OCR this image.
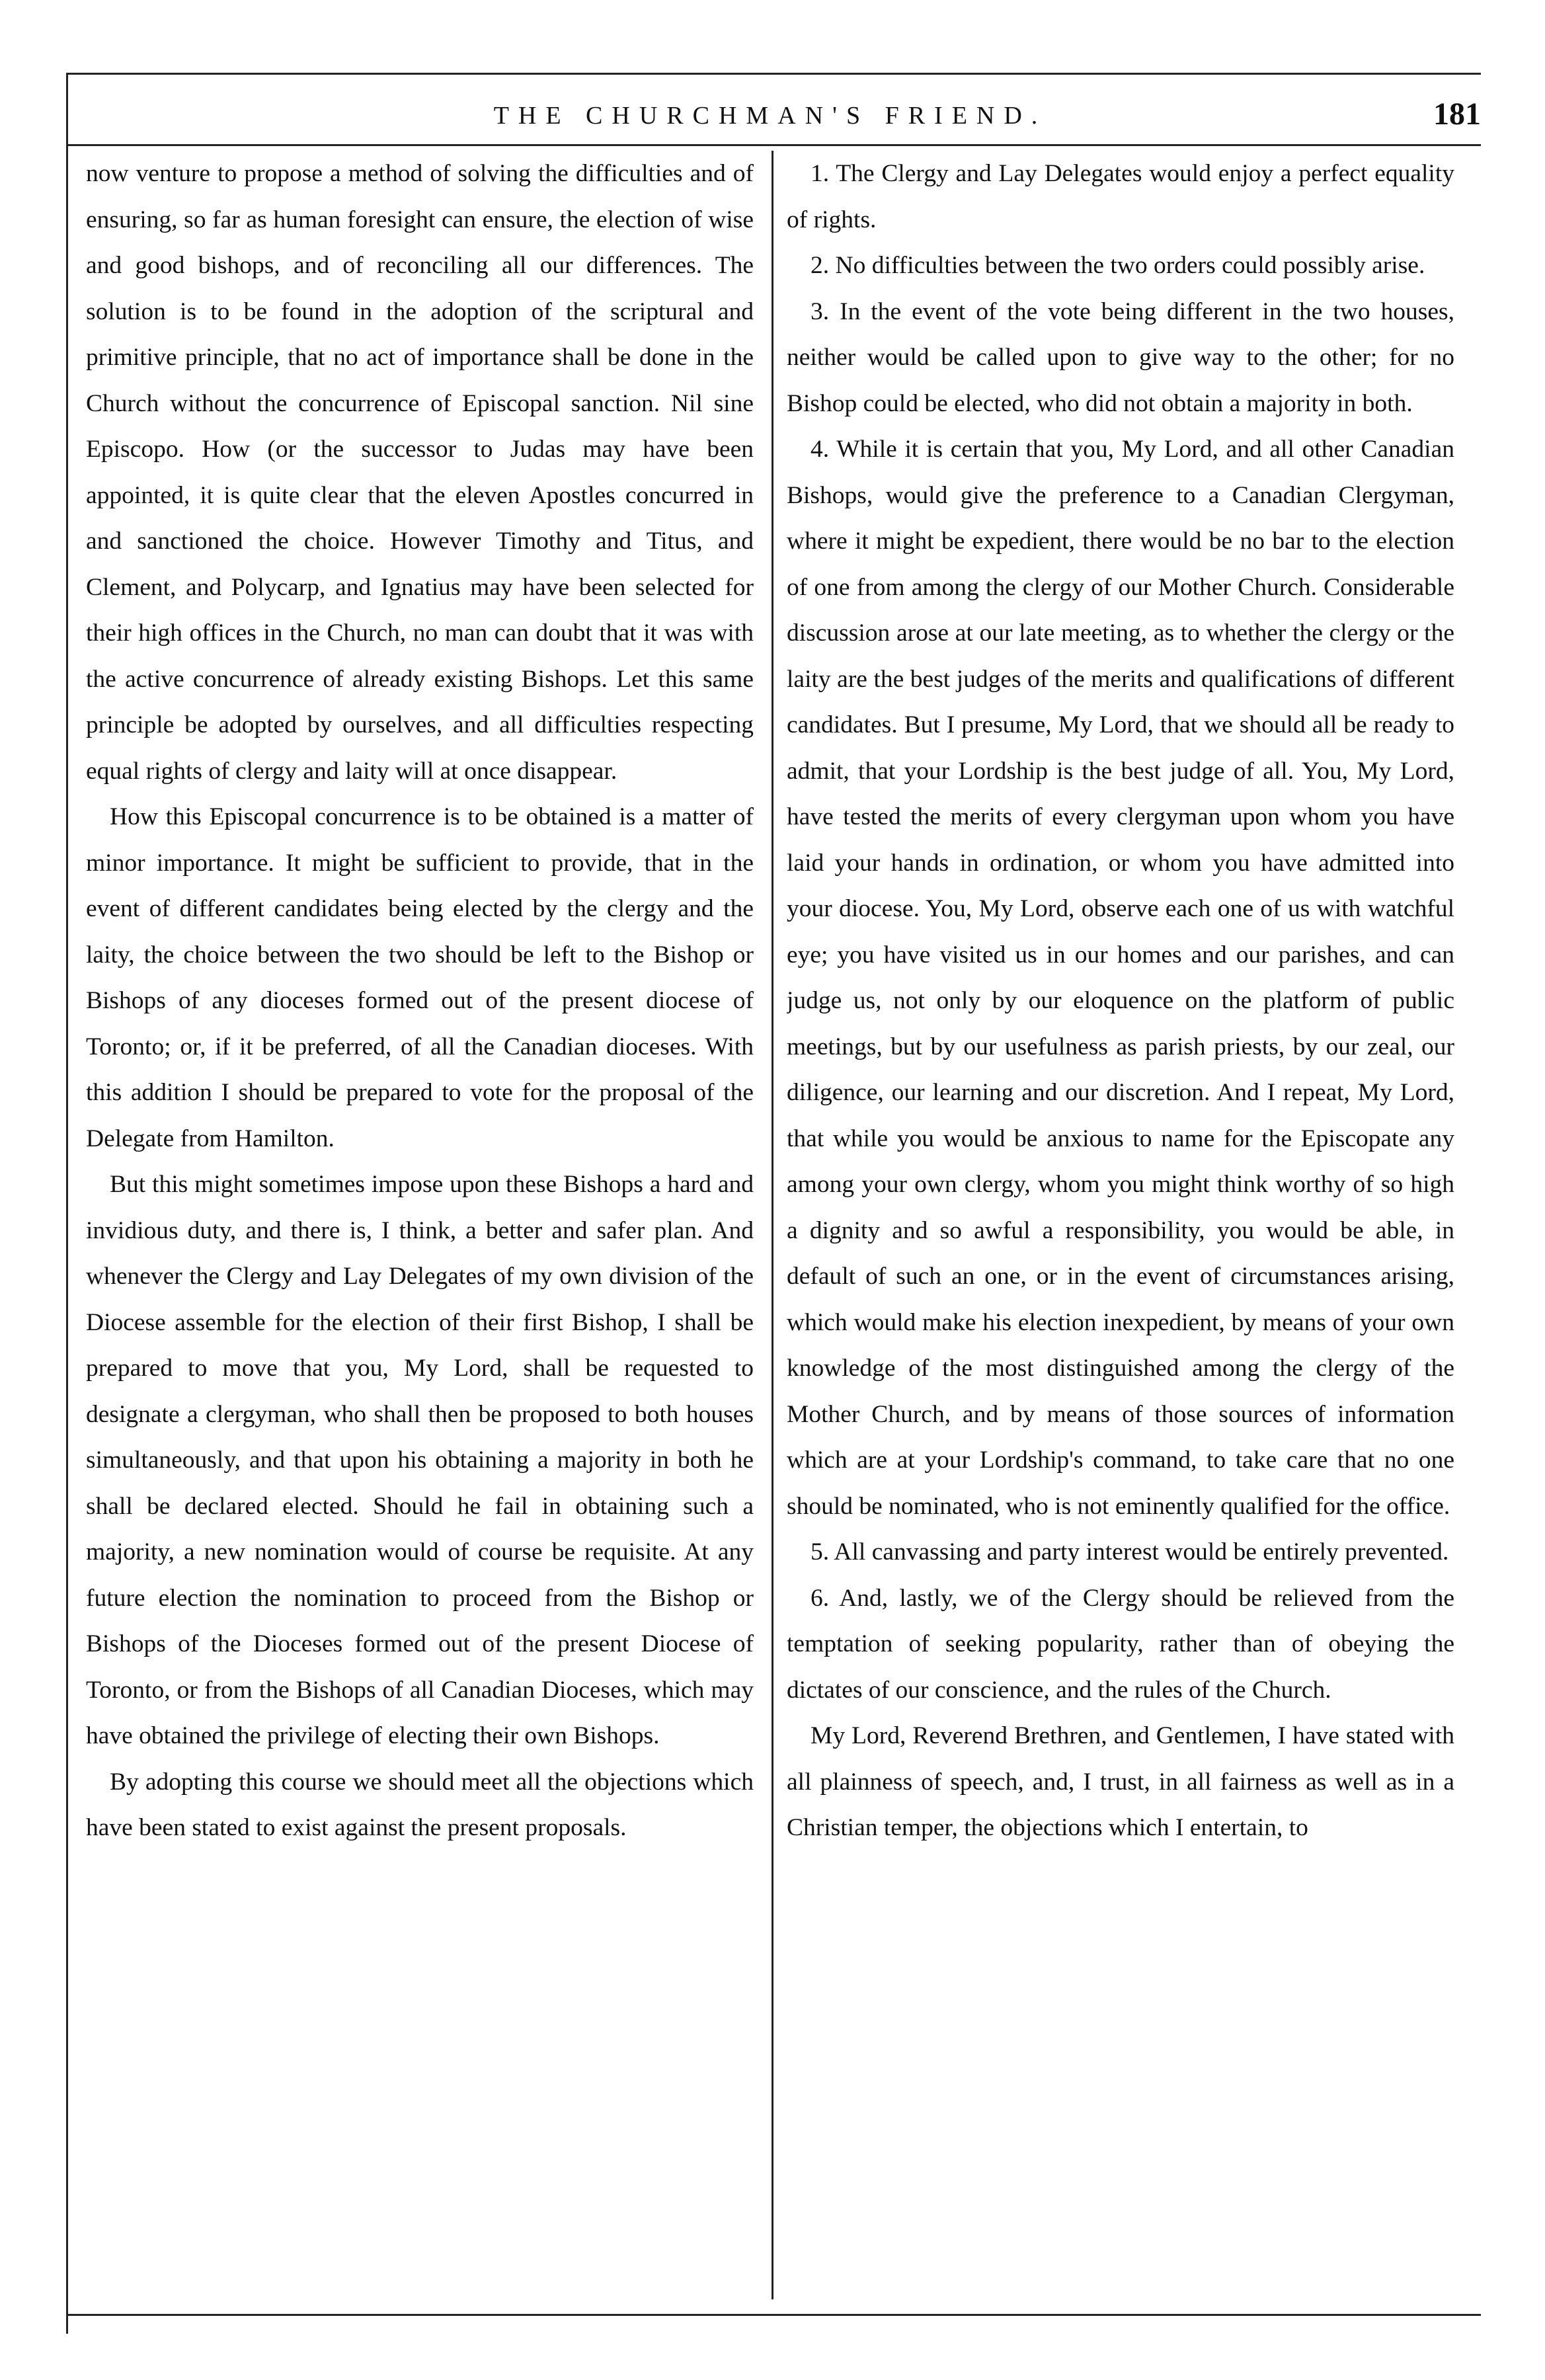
THE CHURCHMAN'S FRIEND.	181

now venture to propose a method of solving the difficulties and of ensuring, so far as human foresight can ensure, the election of wise and good bishops, and of reconciling all our differences. The solution is to be found in the adoption of the scriptural and primitive principle, that no act of importance shall be done in the Church without the concurrence of Episcopal sanction. Nil sine Episcopo. How (or the successor to Judas may have been appointed, it is quite clear that the eleven Apostles concurred in and sanctioned the choice. However Timothy and Titus, and Clement, and Polycarp, and Ignatius may have been selected for their high offices in the Church, no man can doubt that it was with the active concurrence of already existing Bishops. Let this same principle be adopted by ourselves, and all difficulties respecting equal rights of clergy and laity will at once disappear.

How this Episcopal concurrence is to be obtained is a matter of minor importance. It might be sufficient to provide, that in the event of different candidates being elected by the clergy and the laity, the choice between the two should be left to the Bishop or Bishops of any dioceses formed out of the present diocese of Toronto; or, if it be preferred, of all the Canadian dioceses. With this addition I should be prepared to vote for the proposal of the Delegate from Hamilton.

But this might sometimes impose upon these Bishops a hard and invidious duty, and there is, I think, a better and safer plan. And whenever the Clergy and Lay Delegates of my own division of the Diocese assemble for the election of their first Bishop, I shall be prepared to move that you, My Lord, shall be requested to designate a clergyman, who shall then be proposed to both houses simultaneously, and that upon his obtaining a majority in both he shall be declared elected. Should he fail in obtaining such a majority, a new nomination would of course be requisite. At any future election the nomination to proceed from the Bishop or Bishops of the Dioceses formed out of the present Diocese of Toronto, or from the Bishops of all Canadian Dioceses, which may have obtained the privilege of electing their own Bishops.

By adopting this course we should meet all the objections which have been stated to exist against the present proposals.

1. The Clergy and Lay Delegates would enjoy a perfect equality of rights.

2. No difficulties between the two orders could possibly arise.

3. In the event of the vote being different in the two houses, neither would be called upon to give way to the other; for no Bishop could be elected, who did not obtain a majority in both.

4. While it is certain that you, My Lord, and all other Canadian Bishops, would give the preference to a Canadian Clergyman, where it might be expedient, there would be no bar to the election of one from among the clergy of our Mother Church. Considerable discussion arose at our late meeting, as to whether the clergy or the laity are the best judges of the merits and qualifications of different candidates. But I presume, My Lord, that we should all be ready to admit, that your Lordship is the best judge of all. You, My Lord, have tested the merits of every clergyman upon whom you have laid your hands in ordination, or whom you have admitted into your diocese. You, My Lord, observe each one of us with watchful eye; you have visited us in our homes and our parishes, and can judge us, not only by our eloquence on the platform of public meetings, but by our usefulness as parish priests, by our zeal, our diligence, our learning and our discretion. And I repeat, My Lord, that while you would be anxious to name for the Episcopate any among your own clergy, whom you might think worthy of so high a dignity and so awful a responsibility, you would be able, in default of such an one, or in the event of circumstances arising, which would make his election inexpedient, by means of your own knowledge of the most distinguished among the clergy of the Mother Church, and by means of those sources of information which are at your Lordship's command, to take care that no one should be nominated, who is not eminently qualified for the office.

5. All canvassing and party interest would be entirely prevented.

6. And, lastly, we of the Clergy should be relieved from the temptation of seeking popularity, rather than of obeying the dictates of our conscience, and the rules of the Church.

My Lord, Reverend Brethren, and Gentlemen, I have stated with all plainness of speech, and, I trust, in all fairness as well as in a Christian temper, the objections which I entertain, to
